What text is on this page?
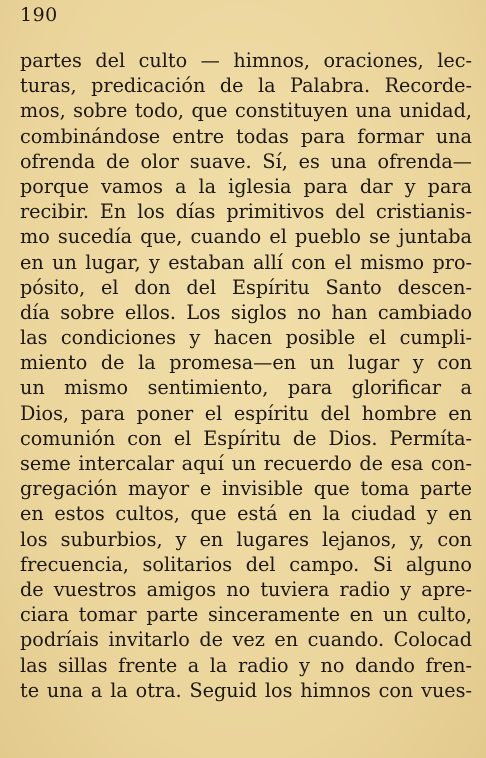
190
partes del culto — himnos, oraciones, lec-
turas, predicación de la Palabra. Recorde-
mos, sobre todo, que constituyen una unidad,
combinándose entre todas para formar una
ofrenda de olor suave. Sí, es una ofrenda—
porque vamos a la iglesia para dar y para
recibir. En los días primitivos del cristianis-
mo sucedía que, cuando el pueblo se juntaba
en un lugar, y estaban allí con el mismo pro-
pósito, el don del Espíritu Santo descen-
día sobre ellos. Los siglos no han cambiado
las condiciones y hacen posible el cumpli-
miento de la promesa—en un lugar y con
un mismo sentimiento, para glorificar a
Dios, para poner el espíritu del hombre en
comunión con el Espíritu de Dios. Permíta-
seme intercalar aquí un recuerdo de esa con-
gregación mayor e invisible que toma parte
en estos cultos, que está en la ciudad y en
los suburbios, y en lugares lejanos, y, con
frecuencia, solitarios del campo. Si alguno
de vuestros amigos no tuviera radio y apre-
ciara tomar parte sinceramente en un culto,
podríais invitarlo de vez en cuando. Colocad
las sillas frente a la radio y no dando fren-
te una a la otra. Seguid los himnos con vues-
